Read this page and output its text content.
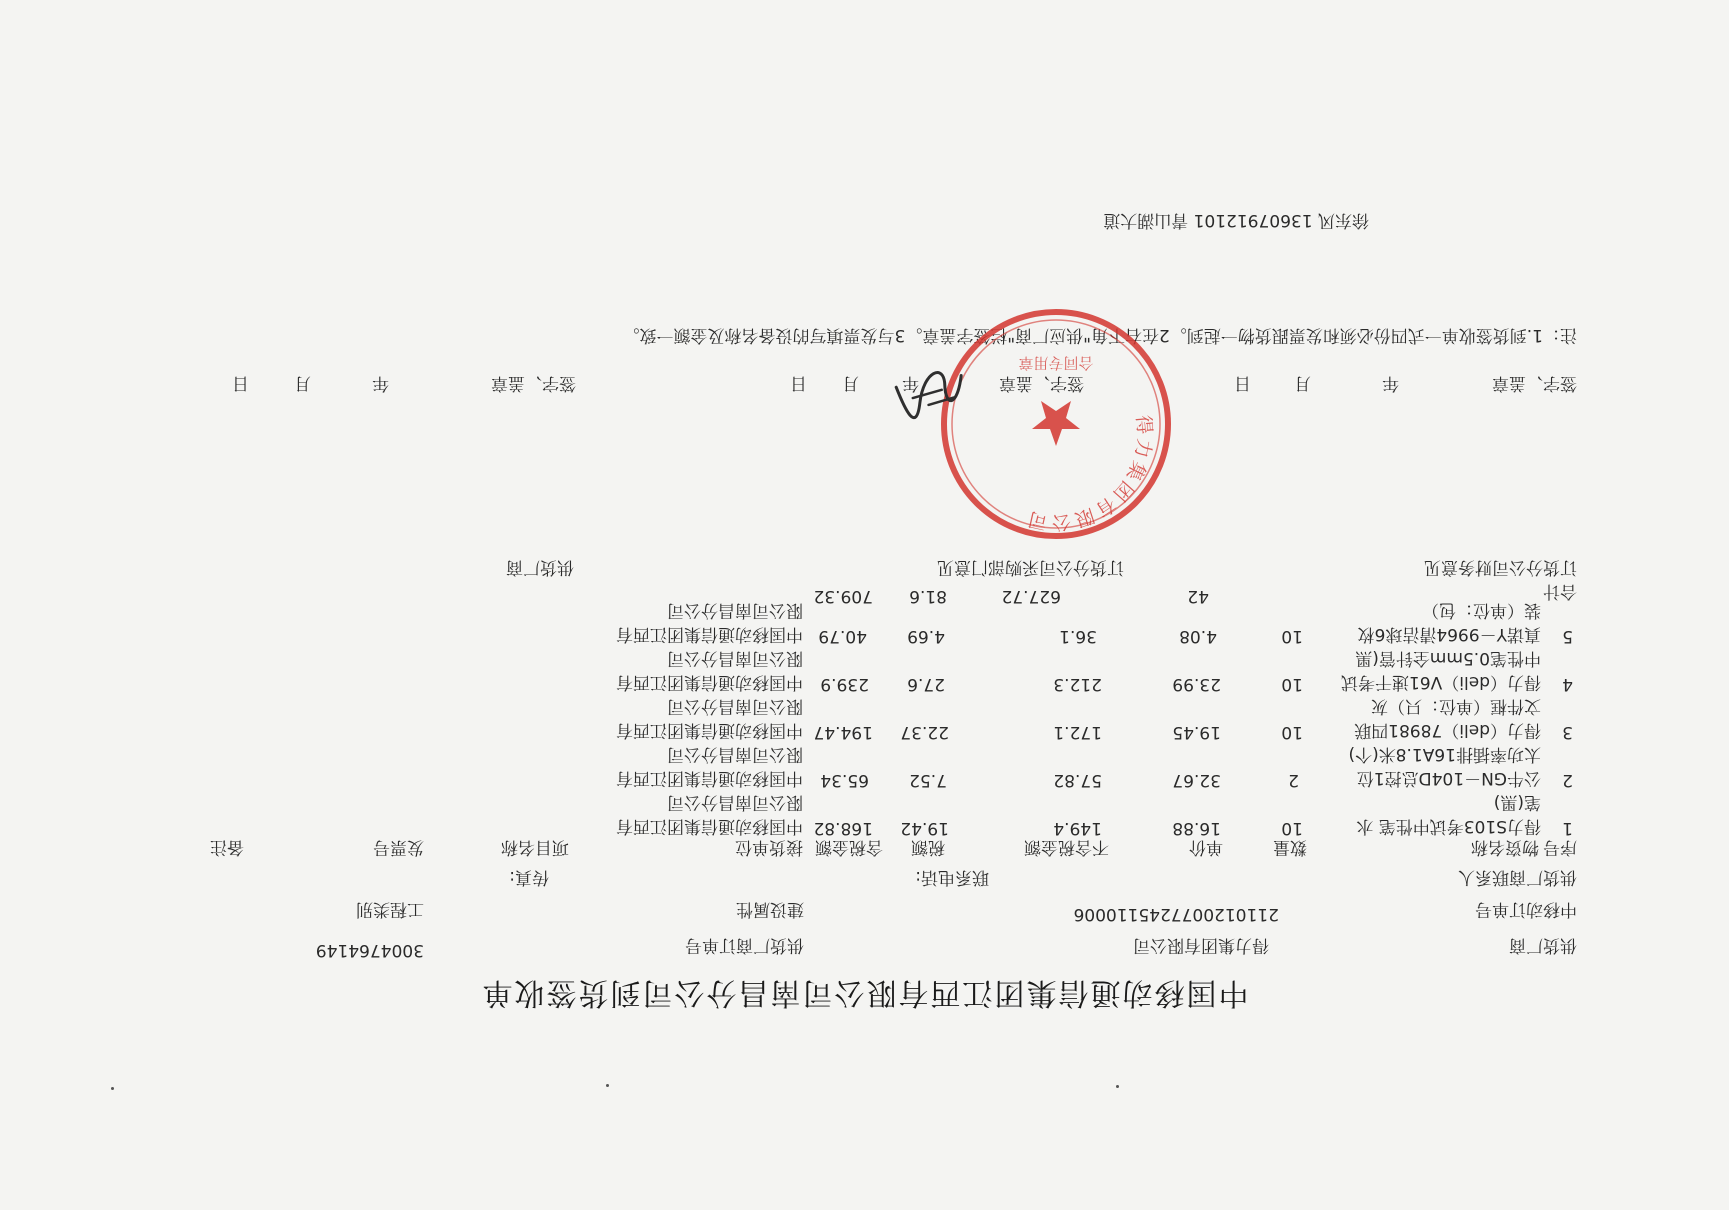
中国移动通信集团江西有限公司南昌分公司到货签收单
供货厂商
得力集团有限公司
供货厂商订单号
3004764149
中移动订单号
2110120077245110006
建设属性
工程类别
供货厂商联系人
联系电话:
传真:
序号
物资名称
数量
单价
不含税金额
税额
含税金额
接货单位
项目名称
发票号
备注
1
得力S103考试中性笔 水笔(黑)
10
16.88
149.4
19.42
168.82
中国移动通信集团江西有限公司南昌分公司
2
公牛GN－104D总控1位太功率插排16A1.8米(个)
2
32.67
57.82
7.52
65.34
中国移动通信集团江西有限公司南昌分公司
3
得力（deli）78981四联文件框（单位：只）灰
10
19.45
172.1
22.37
194.47
中国移动通信集团江西有限公司南昌分公司
4
得力（deli）V61速干考试中性笔0.5mm全针管(黑
10
23.99
212.3
27.6
239.9
中国移动通信集团江西有限公司南昌分公司
5
真诺Y－9964清洁球6枚装（单位：包）
10
4.08
36.1
4.69
40.79
中国移动通信集团江西有限公司南昌分公司
合计
42
627.72
81.6
709.32
订货分公司财务意见
订货分公司采购部门意见
供货厂商
签字、盖章
年
月
日
签字、盖章
年
月
日
签字、盖章
年
月
日
注：1.到货签收单一式四份必须和发票跟货物一起到。2在右下角"供应厂商"栏签字盖章。3与发票填写的设备名称及金额一致。
徐东风 13607912101 青山湖大道
得力集团有限公司
合同专用章
